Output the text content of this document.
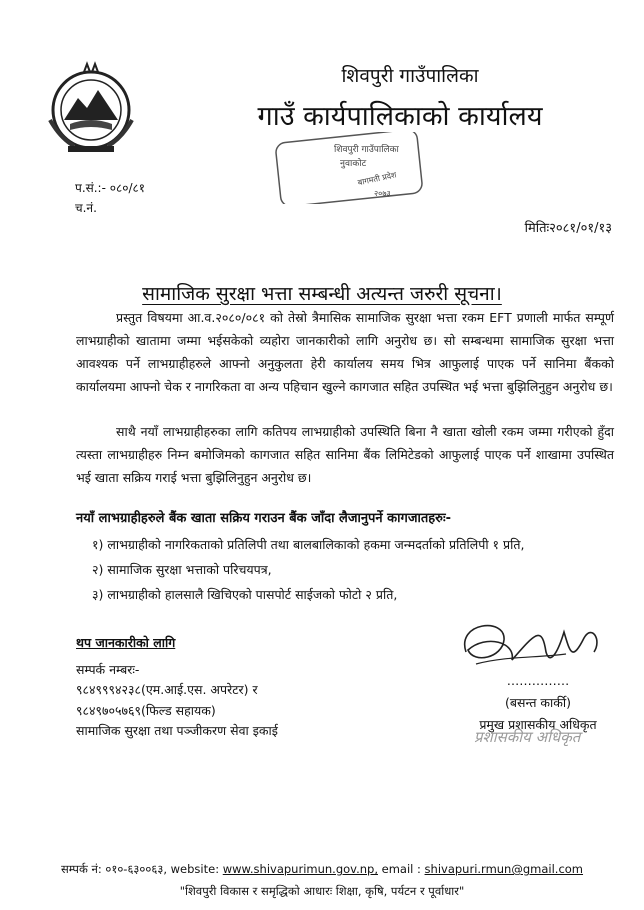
शिवपुरी गाउँपालिका
गाउँ कार्यपालिकाको कार्यालय
शिवपुरी गाउँपालिका
नुवाकोट
बागमती प्रदेश
२०७३
प.सं.:- ०८०/८१
च.नं.
मितिः२०८१/०१/१३
सामाजिक सुरक्षा भत्ता सम्बन्धी अत्यन्त जरुरी सूचना।

प्रस्तुत विषयमा आ.व.२०८०/०८१ को तेस्रो त्रैमासिक सामाजिक सुरक्षा भत्ता रकम EFT प्रणाली मार्फत सम्पूर्ण लाभग्राहीको खातामा जम्मा भईसकेको व्यहोरा जानकारीको लागि अनुरोध छ। सो सम्बन्धमा सामाजिक सुरक्षा भत्ता आवश्यक पर्ने लाभग्राहीहरुले आफ्नो अनुकुलता हेरी कार्यालय समय भित्र आफुलाई पाएक पर्ने सानिमा बैंकको कार्यालयमा आफ्नो चेक र नागरिकता वा अन्य पहिचान खुल्ने कागजात सहित उपस्थित भई भत्ता बुझिलिनुहुन अनुरोध छ।

साथै नयाँ लाभग्राहीहरुका लागि कतिपय लाभग्राहीको उपस्थिति बिना नै खाता खोली रकम जम्मा गरीएको हुँदा त्यस्ता लाभग्राहीहरु निम्न बमोजिमको कागजात सहित सानिमा बैंक लिमिटेडको आफुलाई पाएक पर्ने शाखामा उपस्थित भई खाता सक्रिय गराई भत्ता बुझिलिनुहुन अनुरोध छ।

नयाँ लाभग्राहीहरुले बैंक खाता सक्रिय गराउन बैंक जाँदा लैजानुपर्ने कागजातहरुः-
१) लाभग्राहीको नागरिकताको प्रतिलिपी तथा बालबालिकाको हकमा जन्मदर्ताको प्रतिलिपी १ प्रति,
२) सामाजिक सुरक्षा भत्ताको परिचयपत्र,
३) लाभग्राहीको हालसालै खिचिएको पासपोर्ट साईजको फोटो २ प्रति,
थप जानकारीको लागि
सम्पर्क नम्बरः-
९८४९९९४२३८(एम.आई.एस. अपरेटर) र
९८४९७०५७६९(फिल्ड सहायक)
सामाजिक सुरक्षा तथा पञ्जीकरण सेवा इकाई
……………
(बसन्त कार्की)
प्रमुख प्रशासकीय अधिकृत
प्रशासकीय अधिकृत
सम्पर्क नं: ०१०-६३००६३, website: www.shivapurimun.gov.np, email : shivapuri.rmun@gmail.com
"शिवपुरी विकास र समृद्धिको आधारः शिक्षा, कृषि, पर्यटन र पूर्वाधार"
